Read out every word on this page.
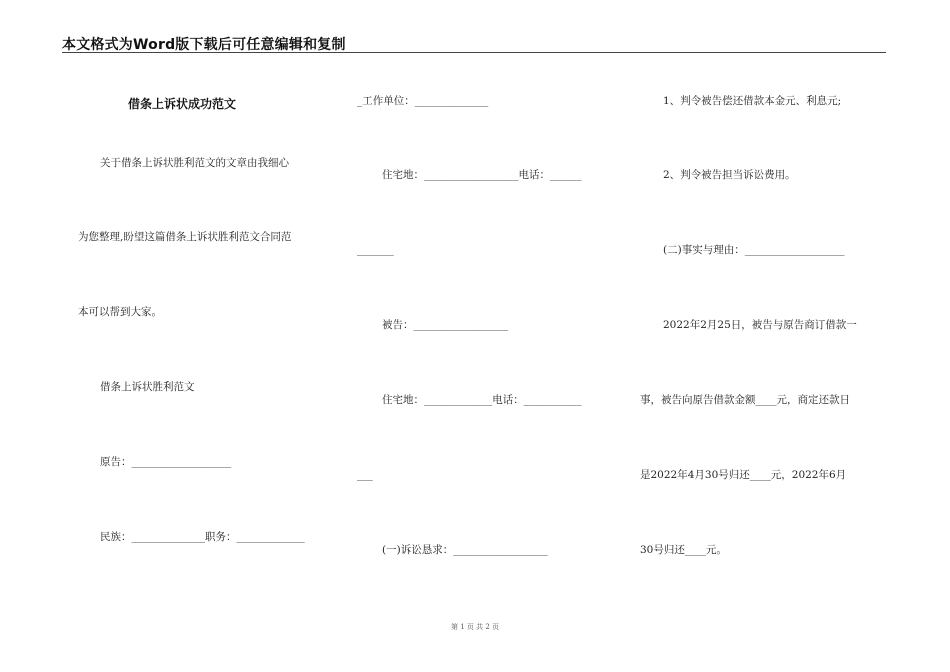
本文格式为Word版下载后可任意编辑和复制
借条上诉状成功范文
关于借条上诉状胜利范文的文章由我细心
为您整理,盼望这篇借条上诉状胜利范文合同范
本可以帮到大家。
借条上诉状胜利范文
原告：___________________
民族：______________职务：_____________
_工作单位：______________
住宅地：__________________电话：______
_______
被告：__________________
住宅地：_____________电话：___________
___
(一)诉讼恳求：__________________
1、判令被告偿还借款本金元、利息元;
2、判令被告担当诉讼费用。
(二)事实与理由：___________________
2022年2月25日，被告与原告商订借款一
事，被告向原告借款金额____元，商定还款日
是2022年4月30号归还____元，2022年6月
30号归还____元。
第 1 页 共 2 页
